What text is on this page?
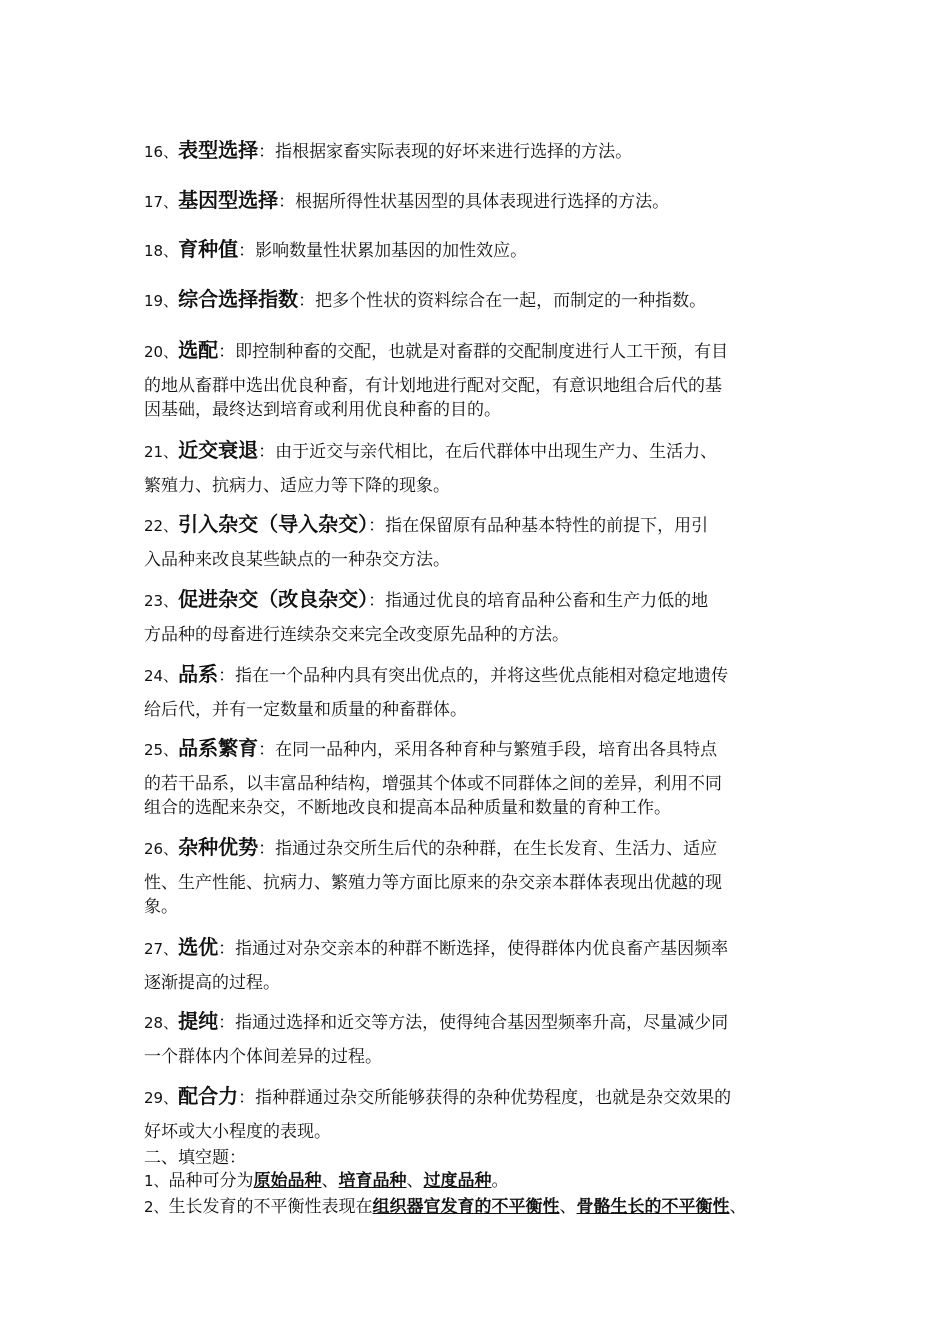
16、表型选择：指根据家畜实际表现的好坏来进行选择的方法。
17、基因型选择：根据所得性状基因型的具体表现进行选择的方法。
18、育种值：影响数量性状累加基因的加性效应。
19、综合选择指数：把多个性状的资料综合在一起，而制定的一种指数。
20、选配：即控制种畜的交配，也就是对畜群的交配制度进行人工干预，有目
的地从畜群中选出优良种畜，有计划地进行配对交配，有意识地组合后代的基
因基础，最终达到培育或利用优良种畜的目的。
21、近交衰退：由于近交与亲代相比，在后代群体中出现生产力、生活力、
繁殖力、抗病力、适应力等下降的现象。
22、引入杂交（导入杂交）：指在保留原有品种基本特性的前提下，用引
入品种来改良某些缺点的一种杂交方法。
23、促进杂交（改良杂交）：指通过优良的培育品种公畜和生产力低的地
方品种的母畜进行连续杂交来完全改变原先品种的方法。
24、品系：指在一个品种内具有突出优点的，并将这些优点能相对稳定地遗传
给后代，并有一定数量和质量的种畜群体。
25、品系繁育：在同一品种内，采用各种育种与繁殖手段，培育出各具特点
的若干品系，以丰富品种结构，增强其个体或不同群体之间的差异，利用不同
组合的选配来杂交，不断地改良和提高本品种质量和数量的育种工作。
26、杂种优势：指通过杂交所生后代的杂种群，在生长发育、生活力、适应
性、生产性能、抗病力、繁殖力等方面比原来的杂交亲本群体表现出优越的现
象。
27、选优：指通过对杂交亲本的种群不断选择，使得群体内优良畜产基因频率
逐渐提高的过程。
28、提纯：指通过选择和近交等方法，使得纯合基因型频率升高，尽量减少同
一个群体内个体间差异的过程。
29、配合力：指种群通过杂交所能够获得的杂种优势程度，也就是杂交效果的
好坏或大小程度的表现。
二、填空题：
1、品种可分为原始品种、培育品种、过度品种。
2、生长发育的不平衡性表现在组织器官发育的不平衡性、骨骼生长的不平衡性、
